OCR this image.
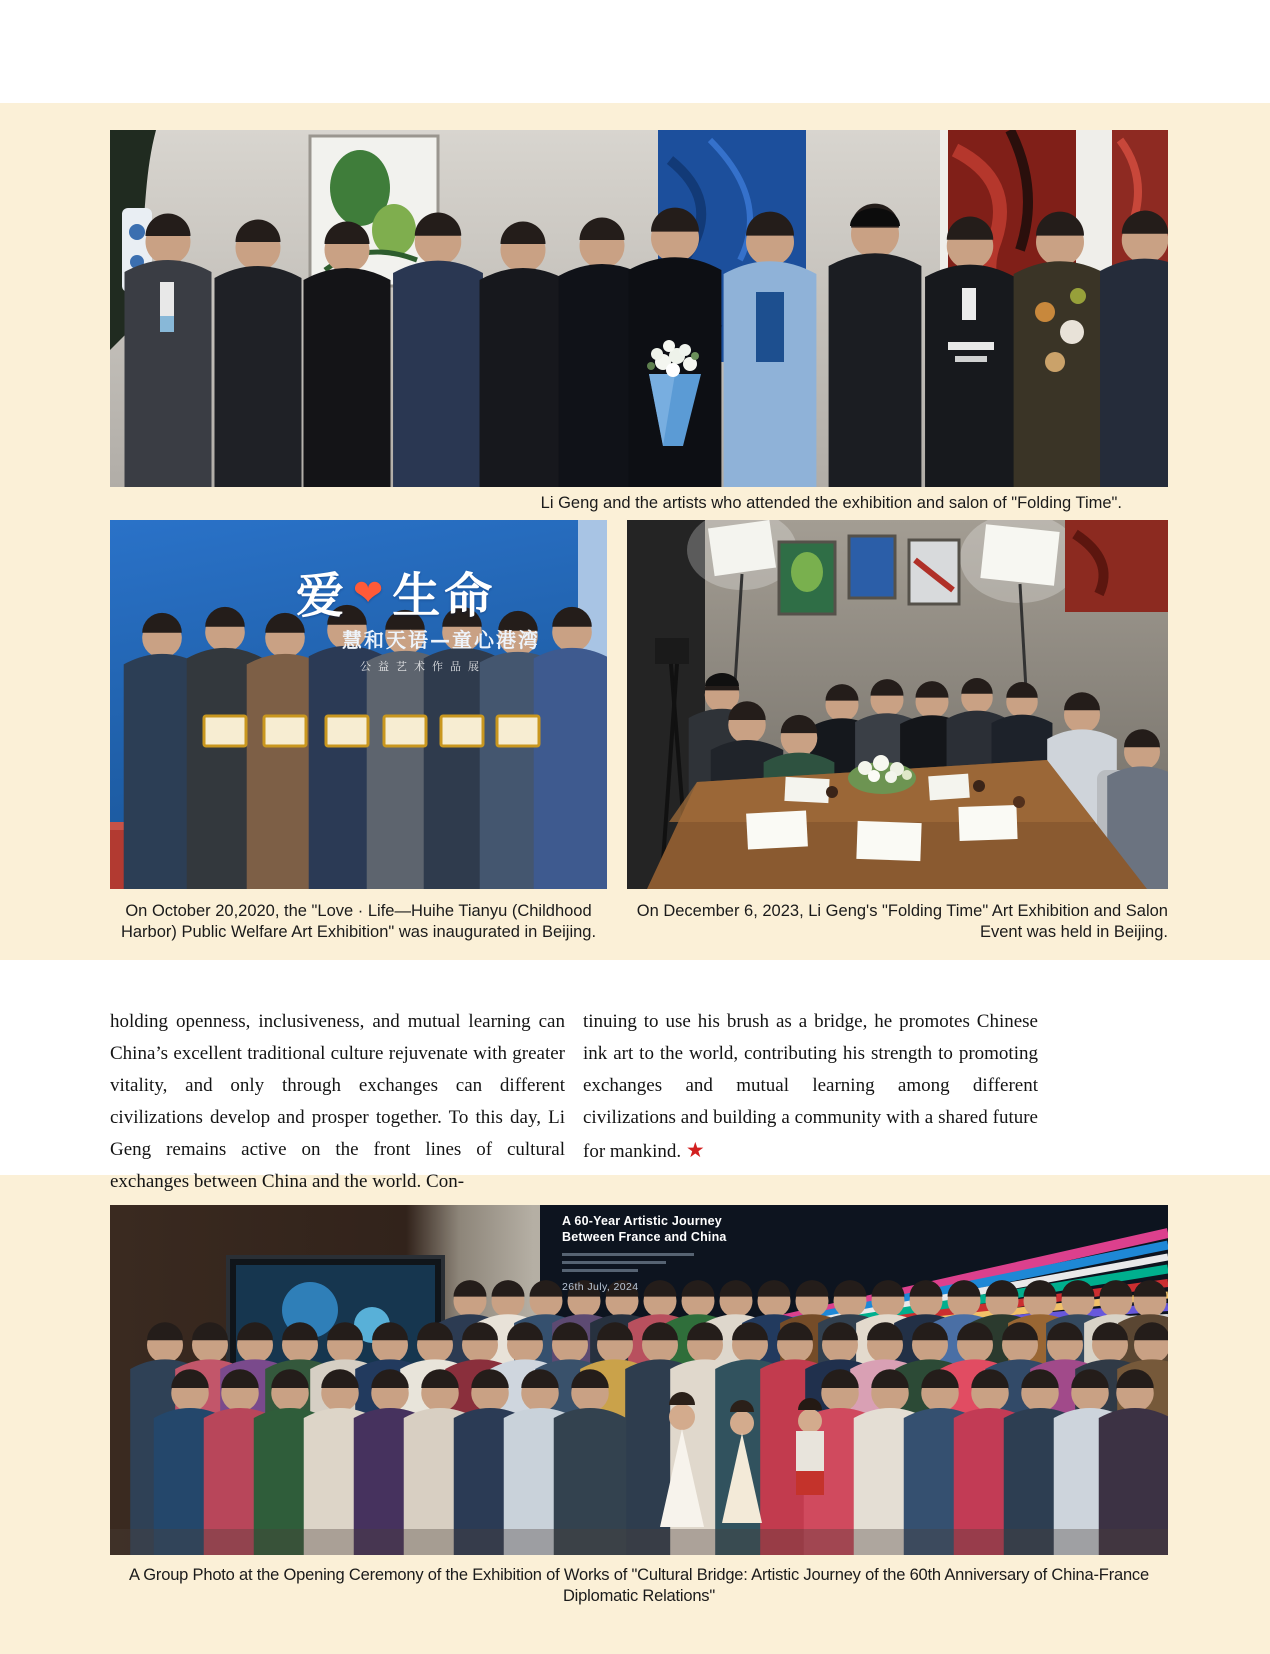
Li Geng and the artists who attended the exhibition and salon of "Folding Time".
爱 ❤ 生命
慧和天语—童心港湾
公益艺术作品展
On October 20,2020, the "Love · Life—Huihe Tianyu (Childhood Harbor) Public Welfare Art Exhibition" was inaugurated in Beijing.
On December 6, 2023, Li Geng's "Folding Time" Art Exhibition and Salon Event was held in Beijing.

holding openness, inclusiveness, and mutual learning can China’s excellent traditional culture rejuvenate with greater vitality, and only through exchanges can different civilizations develop and prosper together. To this day, Li Geng remains active on the front lines of cultural exchanges between China and the world. Con-

tinuing to use his brush as a bridge, he promotes Chinese ink art to the world, contributing his strength to promoting exchanges and mutual learning among different civilizations and building a community with a shared future for mankind. ★

A 60-Year Artistic Journey
Between France and China
26th July, 2024
A Group Photo at the Opening Ceremony of the Exhibition of Works of "Cultural Bridge: Artistic Journey of the 60th Anniversary of China-France Diplomatic Relations"
